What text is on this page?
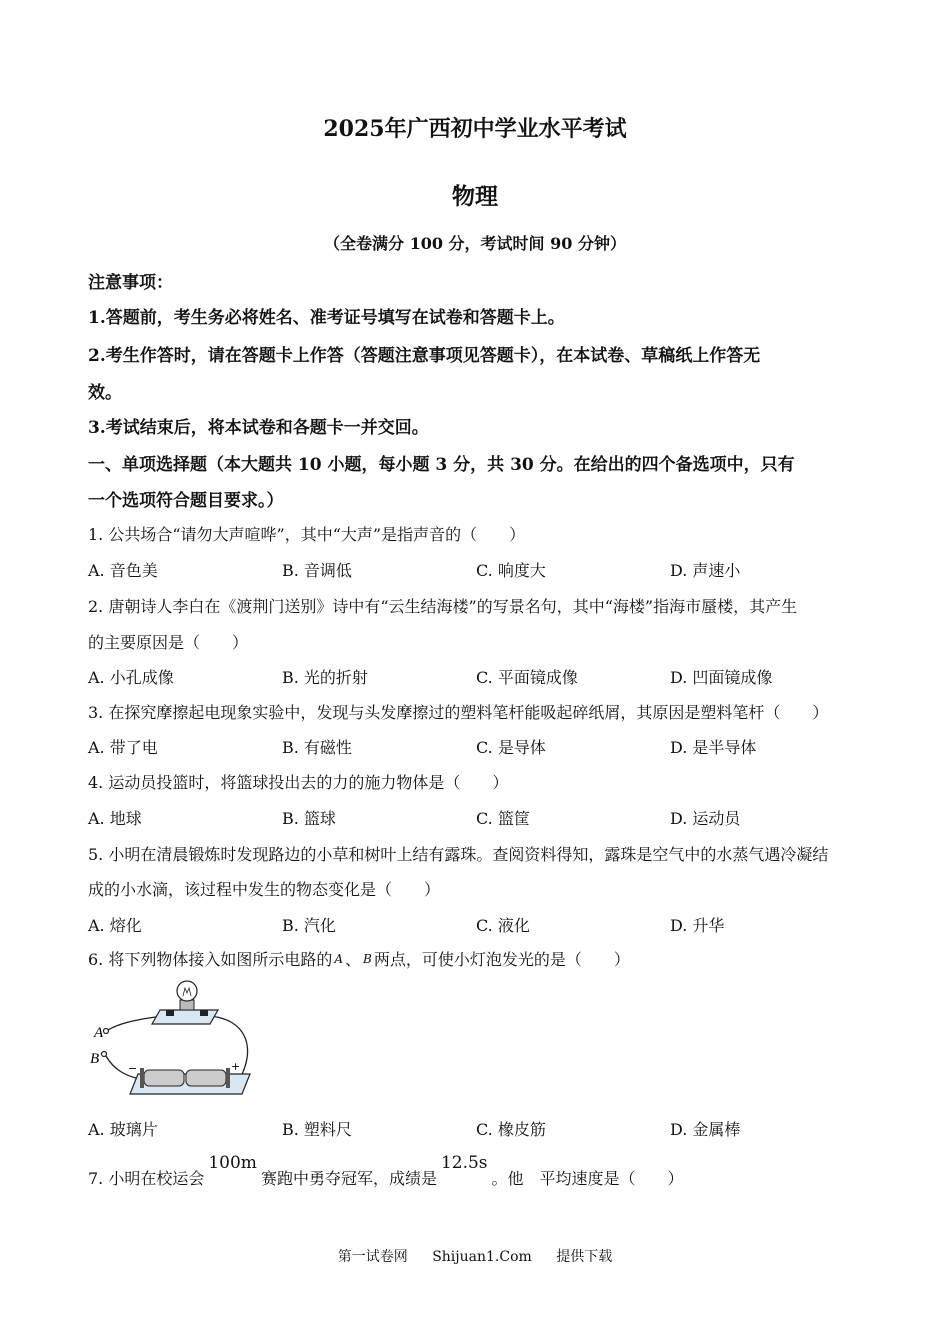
2025年广西初中学业水平考试
物理
（全卷满分 100 分，考试时间 90 分钟）
注意事项：
1.答题前，考生务必将姓名、准考证号填写在试卷和答题卡上。
2.考生作答时，请在答题卡上作答（答题注意事项见答题卡），在本试卷、草稿纸上作答无
效。
3.考试结束后，将本试卷和各题卡一并交回。
一、单项选择题（本大题共 10 小题，每小题 3 分，共 30 分。在给出的四个备选项中，只有
一个选项符合题目要求。）
1. 公共场合“请勿大声喧哗”，其中“大声”是指声音的（　　）
A. 音色美	B. 音调低	C. 响度大	D. 声速小
2. 唐朝诗人李白在《渡荆门送别》诗中有“云生结海楼”的写景名句，其中“海楼”指海市蜃楼，其产生
的主要原因是（　　）
A. 小孔成像	B. 光的折射	C. 平面镜成像	D. 凹面镜成像
3. 在探究摩擦起电现象实验中，发现与头发摩擦过的塑料笔杆能吸起碎纸屑，其原因是塑料笔杆（　　）
A. 带了电	B. 有磁性	C. 是导体	D. 是半导体
4. 运动员投篮时，将篮球投出去的力的施力物体是（　　）
A. 地球	B. 篮球	C. 篮筐	D. 运动员
5. 小明在清晨锻炼时发现路边的小草和树叶上结有露珠。查阅资料得知，露珠是空气中的水蒸气遇冷凝结
成的小水滴，该过程中发生的物态变化是（　　）
A. 熔化	B. 汽化	C. 液化	D. 升华
6. 将下列物体接入如图所示电路的 A 、 B 两点，可使小灯泡发光的是（　　）
A
B
−	+
A. 玻璃片	B. 塑料尺	C. 橡皮筋	D. 金属棒
7. 小明在校运会100m赛跑中勇夺冠军，成绩是12.5s。他　平均速度是（　　）
第一试卷网 Shijuan1.Com 提供下载
